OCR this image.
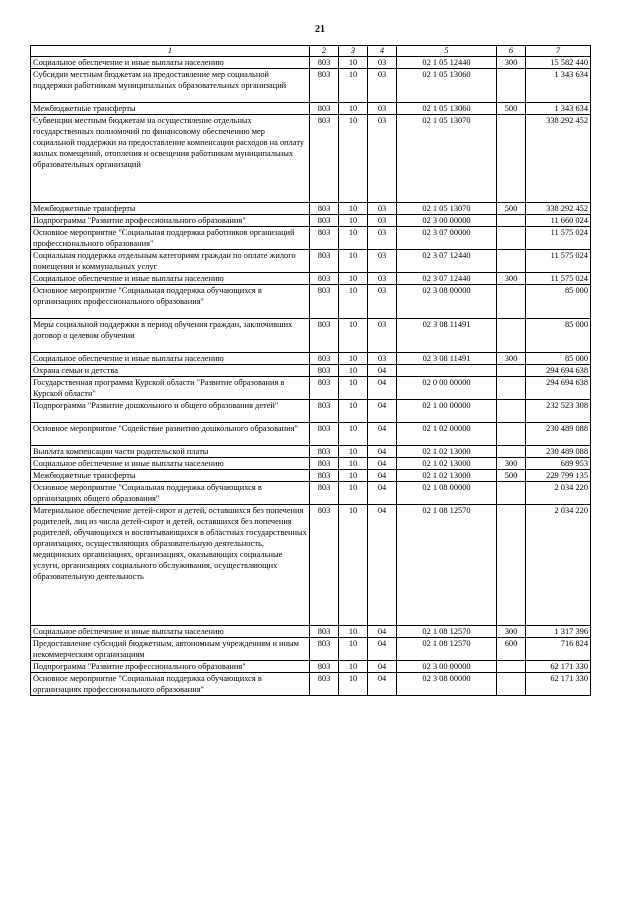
21
1	2	3	4	5	6	7
Социальное обеспечение и иные выплаты населению	803	10	03	02 1 05 12440	300	15 582 440
Субсидии местным бюджетам на предоставление мер социальной поддержки работникам муниципальных образовательных организаций	803	10	03	02 1 05 13060		1 343 634
Межбюджетные трансферты	803	10	03	02 1 05 13060	500	1 343 634
Субвенции местным бюджетам на осуществление отдельных государственных полномочий по финансовому обеспечению мер социальной поддержки на предоставление компенсации расходов на оплату жилых помещений, отопления и освещения работникам муниципальных образовательных организаций	803	10	03	02 1 05 13070		338 292 452
Межбюджетные трансферты	803	10	03	02 1 05 13070	500	338 292 452
Подпрограмма "Развитие профессионального образования"	803	10	03	02 3 00 00000		11 660 024
Основное мероприятие "Социальная поддержка работников организаций профессионального образования"	803	10	03	02 3 07 00000		11 575 024
Социальная поддержка отдельным категориям граждан по оплате жилого помещения и коммунальных услуг	803	10	03	02 3 07 12440		11 575 024
Социальное обеспечение и иные выплаты населению	803	10	03	02 3 07 12440	300	11 575 024
Основное мероприятие "Социальная поддержка обучающихся в организациях профессионального образования"	803	10	03	02 3 08 00000		85 000
Меры социальной поддержки в период обучения граждан, заключивших договор о целевом обучении	803	10	03	02 3 08 11491		85 000
Социальное обеспечение и иные выплаты населению	803	10	03	02 3 08 11491	300	85 000
Охрана семьи и детства	803	10	04			294 694 638
Государственная программа Курской области "Развитие образования в Курской области"	803	10	04	02 0 00 00000		294 694 638
Подпрограмма "Развитие дошкольного и общего образования детей"	803	10	04	02 1 00 00000		232 523 308
Основное мероприятие "Содействие развитию дошкольного образования"	803	10	04	02 1 02 00000		230 489 088
Выплата компенсации части родительской платы	803	10	04	02 1 02 13000		230 489 088
Социальное обеспечение и иные выплаты населению	803	10	04	02 1 02 13000	300	689 953
Межбюджетные трансферты	803	10	04	02 1 02 13000	500	229 799 135
Основное мероприятие "Социальная поддержка обучающихся в организациях общего образования"	803	10	04	02 1 08 00000		2 034 220
Материальное обеспечение детей-сирот и детей, оставшихся без попечения родителей, лиц из числа детей-сирот и детей, оставшихся без попечения родителей, обучающихся и воспитывающихся в областных государственных организациях, осуществляющих образовательную деятельность, медицинских организациях, организациях, оказывающих социальные услуги, организациях социального обслуживания, осуществляющих образовательную деятельность	803	10	04	02 1 08 12570		2 034 220
Социальное обеспечение и иные выплаты населению	803	10	04	02 1 08 12570	300	1 317 396
Предоставление субсидий бюджетным, автономным учреждениям и иным некоммерческим организациям	803	10	04	02 1 08 12570	600	716 824
Подпрограмма "Развитие профессионального образования"	803	10	04	02 3 00 00000		62 171 330
Основное мероприятие "Социальная поддержка обучающихся в организациях профессионального образования"	803	10	04	02 3 08 00000		62 171 330
